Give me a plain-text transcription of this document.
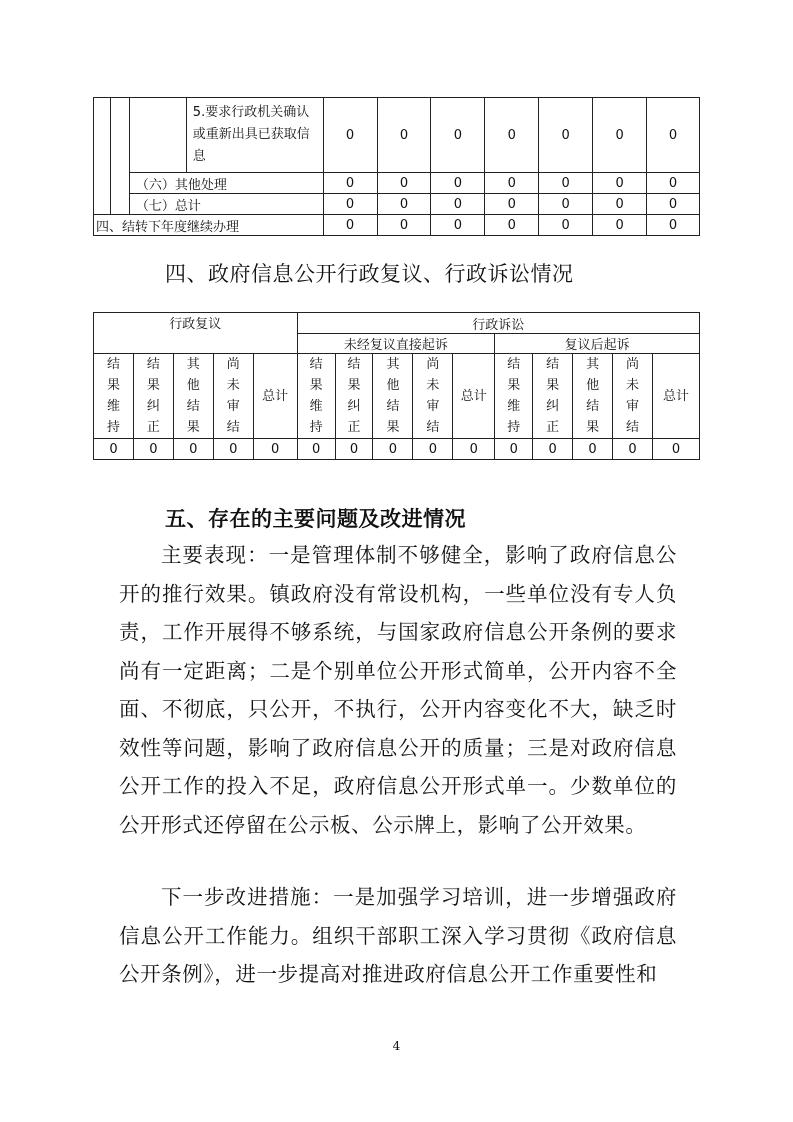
			5.要求行政机关确认或重新出具已获取信息	0	0	0	0	0	0	0
		（六）其他处理		0	0	0	0	0	0	0
		（七）总计		0	0	0	0	0	0	0
四、结转下年度继续办理				0	0	0	0	0	0	0
四、政府信息公开行政复议、行政诉讼情况
行政复议					行政诉讼									
					未经复议直接起诉					复议后起诉				
结
果
维
持	结
果
纠
正	其
他
结
果	尚
未
审
结	总计	结
果
维
持	结
果
纠
正	其
他
结
果	尚
未
审
结	总计	结
果
维
持	结
果
纠
正	其
他
结
果	尚
未
审
结	总计
0	0	0	0	0	0	0	0	0	0	0	0	0	0	0
五、存在的主要问题及改进情况

主要表现：一是管理体制不够健全，影响了政府信息公开的推行效果。镇政府没有常设机构，一些单位没有专人负责，工作开展得不够系统，与国家政府信息公开条例的要求尚有一定距离；二是个别单位公开形式简单，公开内容不全面、不彻底，只公开，不执行，公开内容变化不大，缺乏时效性等问题，影响了政府信息公开的质量；三是对政府信息公开工作的投入不足，政府信息公开形式单一。少数单位的公开形式还停留在公示板、公示牌上，影响了公开效果。

下一步改进措施：一是加强学习培训，进一步增强政府信息公开工作能力。组织干部职工深入学习贯彻《政府信息公开条例》，进一步提高对推进政府信息公开工作重要性和

4
